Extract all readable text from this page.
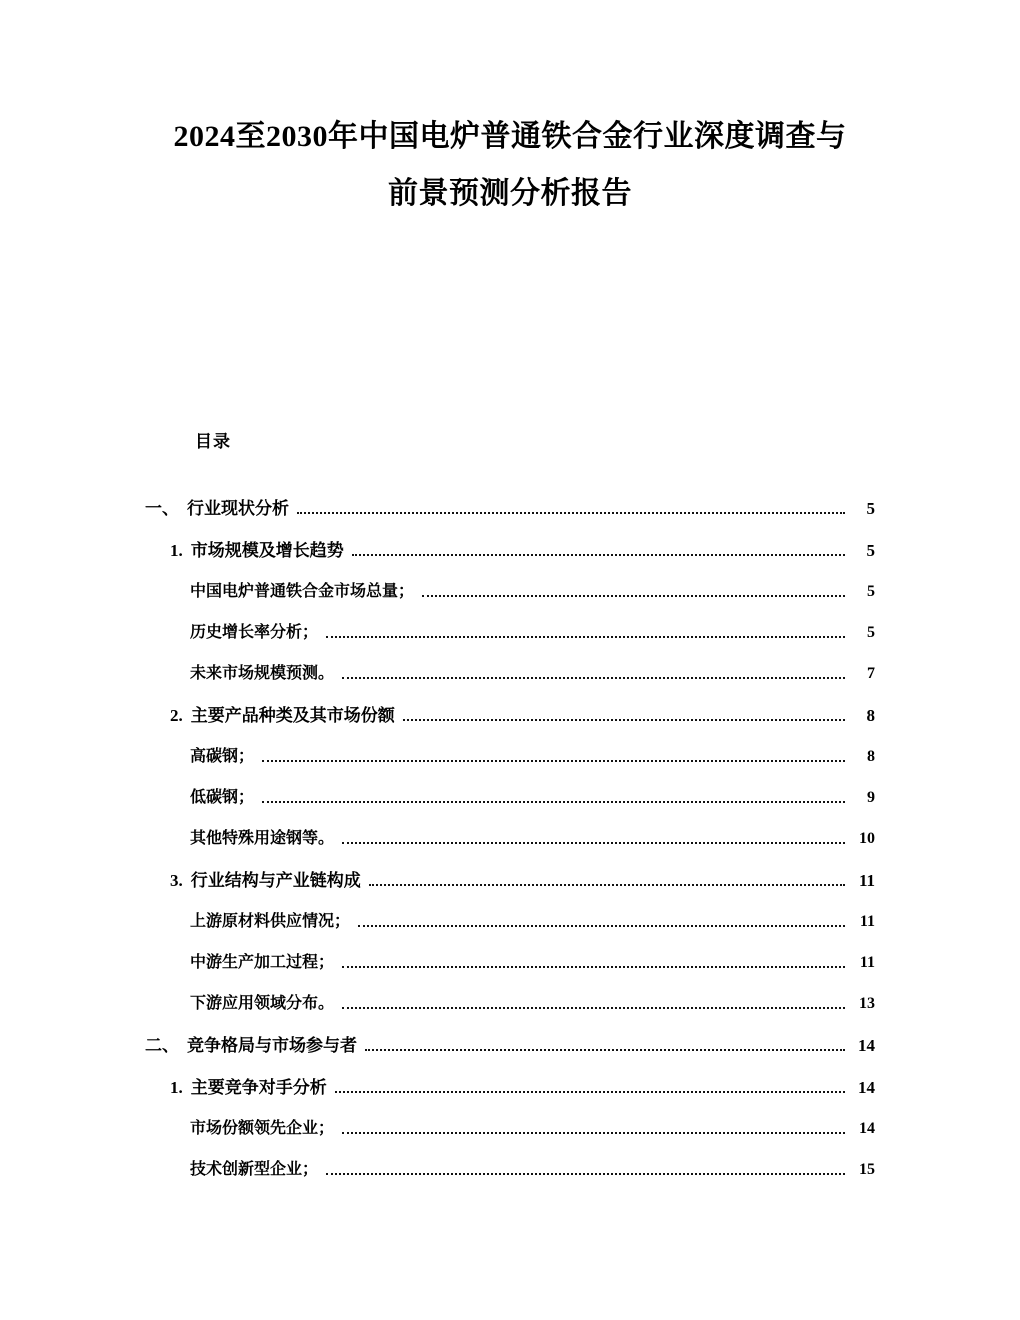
2024至2030年中国电炉普通铁合金行业深度调查与
前景预测分析报告
目录
一、 行业现状分析	5
1. 市场规模及增长趋势	5
中国电炉普通铁合金市场总量；	5
历史增长率分析；	5
未来市场规模预测。	7
2. 主要产品种类及其市场份额	8
高碳钢；	8
低碳钢；	9
其他特殊用途钢等。	10
3. 行业结构与产业链构成	11
上游原材料供应情况；	11
中游生产加工过程；	11
下游应用领域分布。	13
二、 竞争格局与市场参与者	14
1. 主要竞争对手分析	14
市场份额领先企业；	14
技术创新型企业；	15
